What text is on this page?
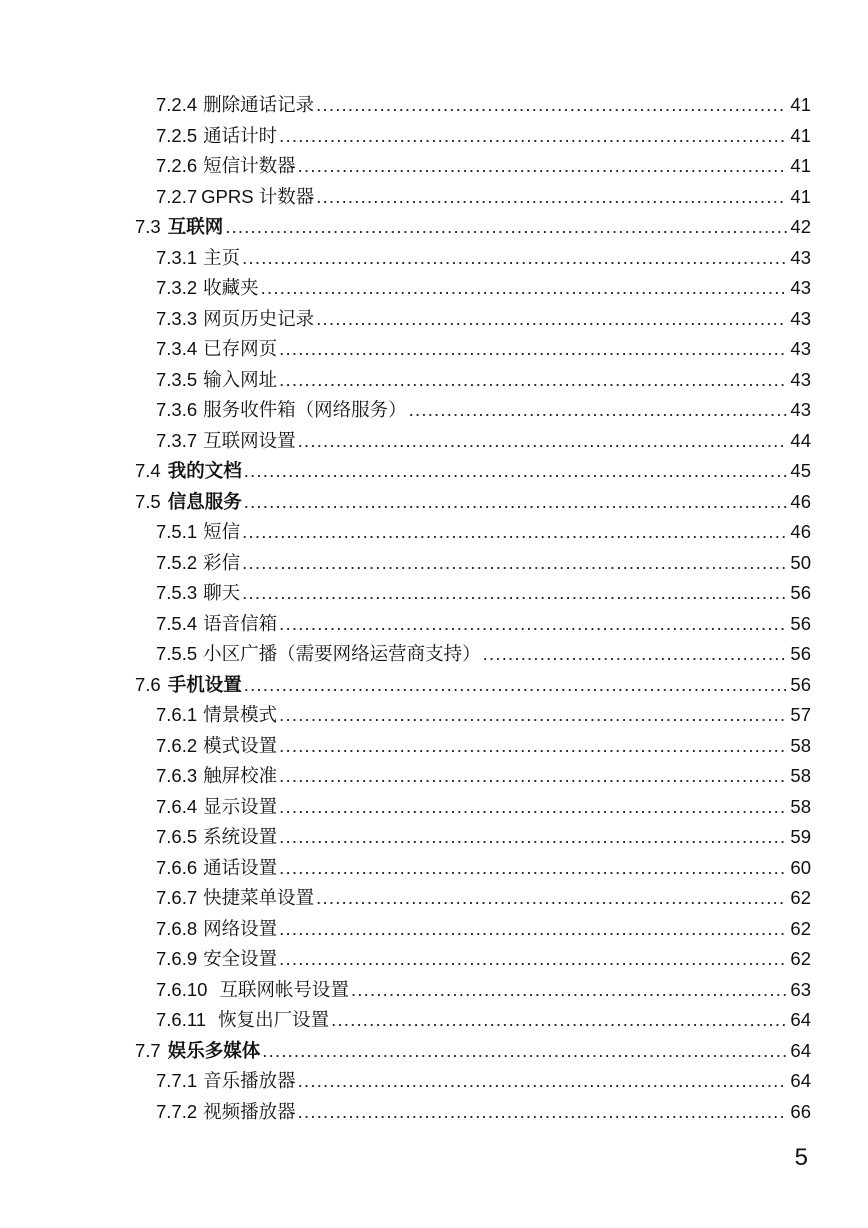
7.2.4 删除通话记录 .....	41
7.2.5 通话计时 .....	41
7.2.6 短信计数器 .....	41
7.2.7 GPRS 计数器 .....	41
7.3 互联网 .....	42
7.3.1 主页 .....	43
7.3.2 收藏夹 .....	43
7.3.3 网页历史记录 .....	43
7.3.4 已存网页 .....	43
7.3.5 输入网址 .....	43
7.3.6 服务收件箱（网络服务） .....	43
7.3.7 互联网设置 .....	44
7.4 我的文档 .....	45
7.5 信息服务 .....	46
7.5.1 短信 .....	46
7.5.2 彩信 .....	50
7.5.3 聊天 .....	56
7.5.4 语音信箱 .....	56
7.5.5 小区广播（需要网络运营商支持） .....	56
7.6 手机设置 .....	56
7.6.1 情景模式 .....	57
7.6.2 模式设置 .....	58
7.6.3 触屏校准 .....	58
7.6.4 显示设置 .....	58
7.6.5 系统设置 .....	59
7.6.6 通话设置 .....	60
7.6.7 快捷菜单设置 .....	62
7.6.8 网络设置 .....	62
7.6.9 安全设置 .....	62
7.6.10 互联网帐号设置 .....	63
7.6.11 恢复出厂设置 .....	64
7.7 娱乐多媒体 .....	64
7.7.1 音乐播放器 .....	64
7.7.2 视频播放器 .....	66
5
